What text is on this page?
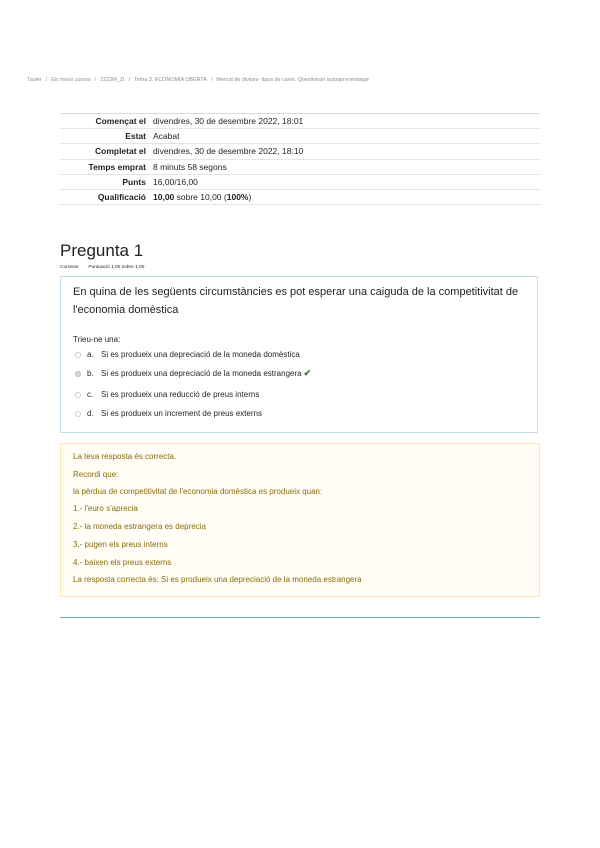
Tauler / Els meus cursos / 2223M_ZI / Tema 3. ECONOMIA OBERTA / Mercat de divises- tipus de canvi. Qüestionari autoaprenentatge
Començat el	divendres, 30 de desembre 2022, 18:01
Estat	Acabat
Completat el	divendres, 30 de desembre 2022, 18:10
Temps emprat	8 minuts 58 segons
Punts	16,00/16,00
Qualificació	10,00 sobre 10,00 (100%)
Pregunta 1
Correcte Puntuació 1,00 sobre 1,00
En quina de les següents circumstàncies es pot esperar una caiguda de la competitivitat de l'economia domèstica
Trieu-ne una:
a. Si es produeix una depreciació de la moneda domèstica
b. Si es produeix una depreciació de la moneda estrangera ✔
c. Si es produeix una reducció de preus interns
d. Si es produeix un increment de preus externs
La teva resposta és correcta.
Recordi que:
la pèrdua de competitivitat de l'economia domèstica es produeix quan:
1.- l'euro s'aprecia
2.- la moneda estrangera es deprecia
3.- pugen els preus interns
4.- baixen els preus externs
La resposta correcta és: Si es produeix una depreciació de la moneda estrangera
